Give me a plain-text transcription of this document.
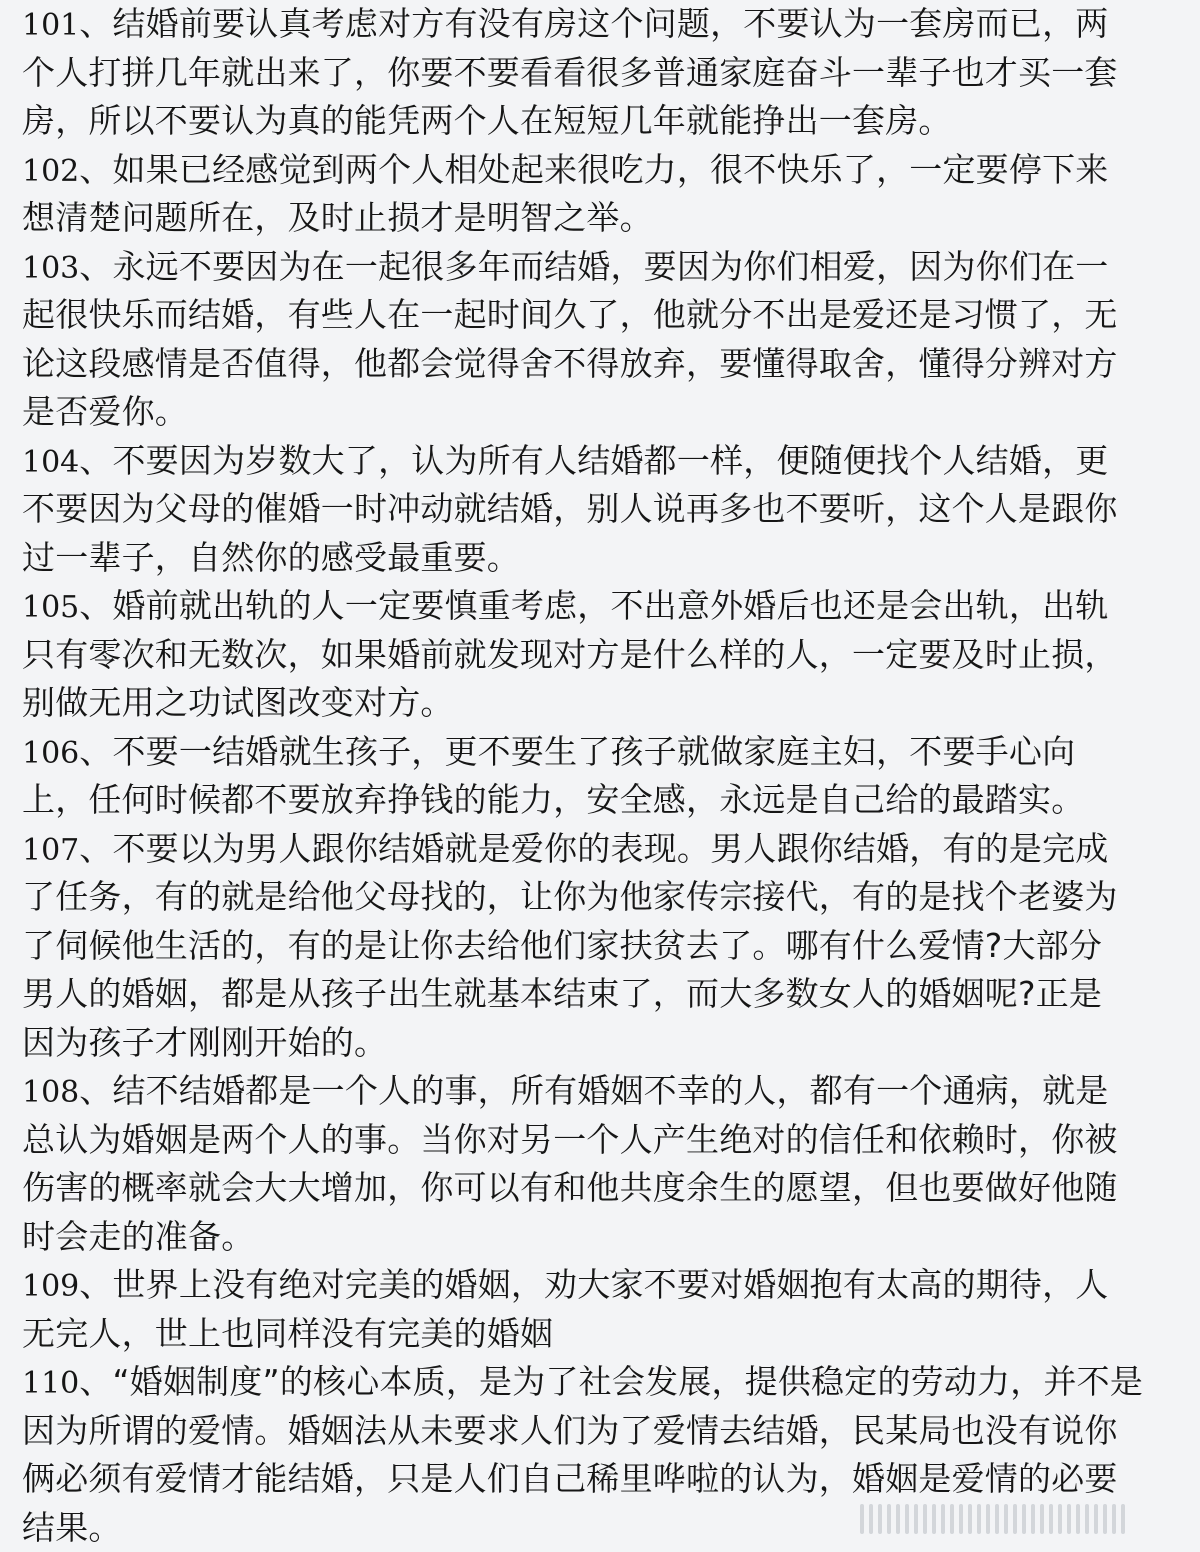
101、结婚前要认真考虑对方有没有房这个问题，不要认为一套房而已，两
个人打拼几年就出来了，你要不要看看很多普通家庭奋斗一辈子也才买一套
房，所以不要认为真的能凭两个人在短短几年就能挣出一套房。
102、如果已经感觉到两个人相处起来很吃力，很不快乐了，一定要停下来
想清楚问题所在，及时止损才是明智之举。
103、永远不要因为在一起很多年而结婚，要因为你们相爱，因为你们在一
起很快乐而结婚，有些人在一起时间久了，他就分不出是爱还是习惯了，无
论这段感情是否值得，他都会觉得舍不得放弃，要懂得取舍，懂得分辨对方
是否爱你。
104、不要因为岁数大了，认为所有人结婚都一样，便随便找个人结婚，更
不要因为父母的催婚一时冲动就结婚，别人说再多也不要听，这个人是跟你
过一辈子，自然你的感受最重要。
105、婚前就出轨的人一定要慎重考虑，不出意外婚后也还是会出轨，出轨
只有零次和无数次，如果婚前就发现对方是什么样的人，一定要及时止损，
别做无用之功试图改变对方。
106、不要一结婚就生孩子，更不要生了孩子就做家庭主妇，不要手心向
上，任何时候都不要放弃挣钱的能力，安全感，永远是自己给的最踏实。
107、不要以为男人跟你结婚就是爱你的表现。男人跟你结婚，有的是完成
了任务，有的就是给他父母找的，让你为他家传宗接代，有的是找个老婆为
了伺候他生活的，有的是让你去给他们家扶贫去了。哪有什么爱情?大部分
男人的婚姻，都是从孩子出生就基本结束了，而大多数女人的婚姻呢?正是
因为孩子才刚刚开始的。
108、结不结婚都是一个人的事，所有婚姻不幸的人，都有一个通病，就是
总认为婚姻是两个人的事。当你对另一个人产生绝对的信任和依赖时，你被
伤害的概率就会大大增加，你可以有和他共度余生的愿望，但也要做好他随
时会走的准备。
109、世界上没有绝对完美的婚姻，劝大家不要对婚姻抱有太高的期待，人
无完人，世上也同样没有完美的婚姻
110、“婚姻制度”的核心本质，是为了社会发展，提供稳定的劳动力，并不是
因为所谓的爱情。婚姻法从未要求人们为了爱情去结婚，民某局也没有说你
俩必须有爱情才能结婚，只是人们自己稀里哗啦的认为，婚姻是爱情的必要
结果。
